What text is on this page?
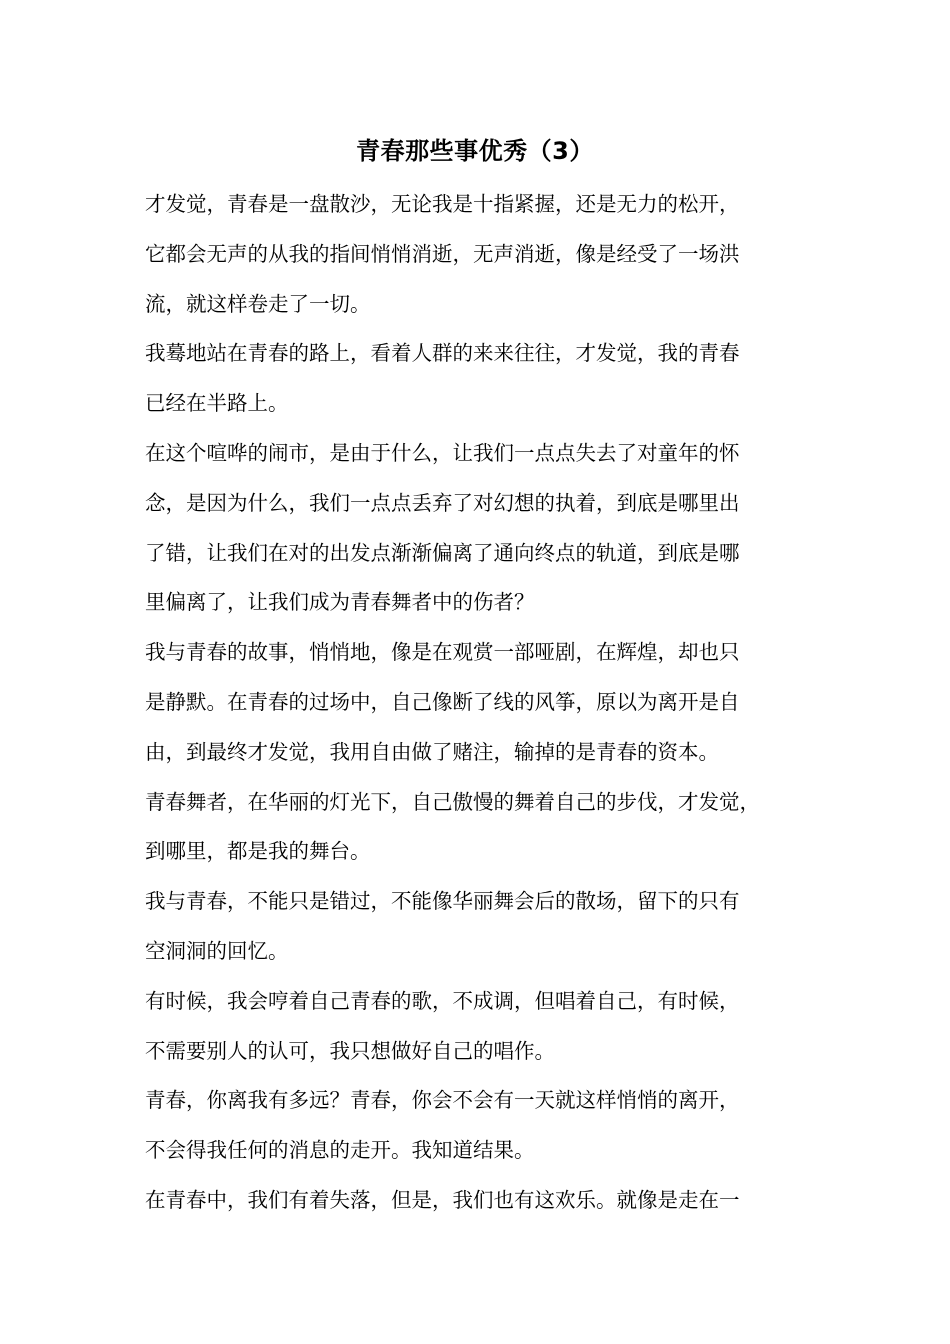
青春那些事优秀（3）
才发觉，青春是一盘散沙，无论我是十指紧握，还是无力的松开，
它都会无声的从我的指间悄悄消逝，无声消逝，像是经受了一场洪
流，就这样卷走了一切。
我蓦地站在青春的路上，看着人群的来来往往，才发觉，我的青春
已经在半路上。
在这个喧哗的闹市，是由于什么，让我们一点点失去了对童年的怀
念，是因为什么，我们一点点丢弃了对幻想的执着，到底是哪里出
了错，让我们在对的出发点渐渐偏离了通向终点的轨道，到底是哪
里偏离了，让我们成为青春舞者中的伤者？
我与青春的故事，悄悄地，像是在观赏一部哑剧，在辉煌，却也只
是静默。在青春的过场中，自己像断了线的风筝，原以为离开是自
由，到最终才发觉，我用自由做了赌注，输掉的是青春的资本。
青春舞者，在华丽的灯光下，自己傲慢的舞着自己的步伐，才发觉，
到哪里，都是我的舞台。
我与青春，不能只是错过，不能像华丽舞会后的散场，留下的只有
空洞洞的回忆。
有时候，我会哼着自己青春的歌，不成调，但唱着自己，有时候，
不需要别人的认可，我只想做好自己的唱作。
青春，你离我有多远？青春，你会不会有一天就这样悄悄的离开，
不会得我任何的消息的走开。我知道结果。
在青春中，我们有着失落，但是，我们也有这欢乐。就像是走在一
